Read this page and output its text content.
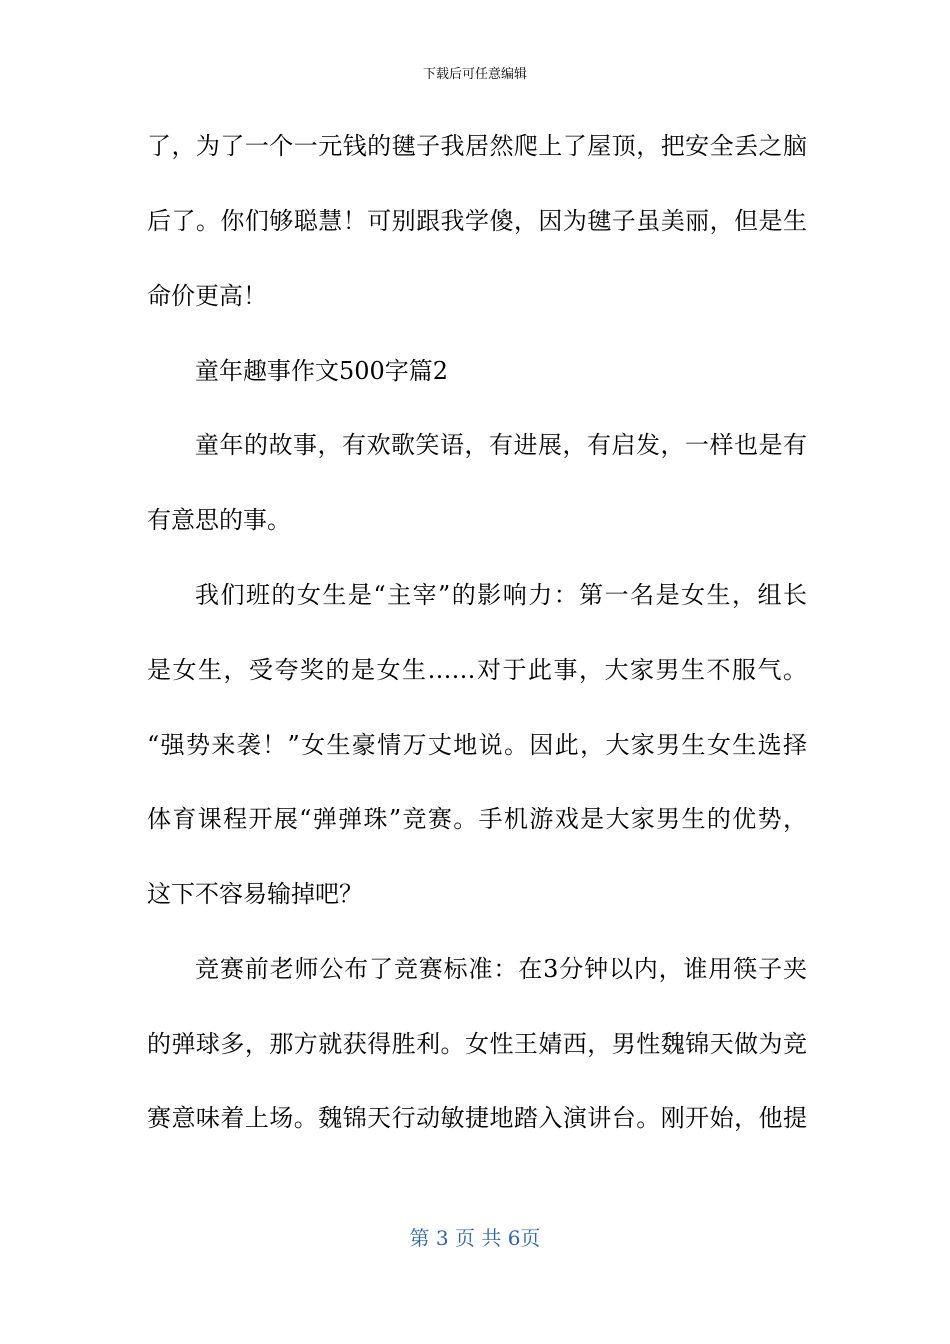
下载后可任意编辑
了，为了一个一元钱的毽子我居然爬上了屋顶，把安全丢之脑
后了。你们够聪慧！可别跟我学傻，因为毽子虽美丽，但是生
命价更高！
童年趣事作文500字篇2
童年的故事，有欢歌笑语，有进展，有启发，一样也是有
有意思的事。
我们班的女生是“主宰”的影响力：第一名是女生，组长
是女生，受夸奖的是女生……对于此事，大家男生不服气。
“强势来袭！”女生豪情万丈地说。因此，大家男生女生选择
体育课程开展“弹弹珠”竞赛。手机游戏是大家男生的优势，
这下不容易输掉吧？
竞赛前老师公布了竞赛标准：在3分钟以内，谁用筷子夹
的弹球多，那方就获得胜利。女性王婧西，男性魏锦天做为竞
赛意味着上场。魏锦天行动敏捷地踏入演讲台。刚开始，他提
第 3 页 共 6页
